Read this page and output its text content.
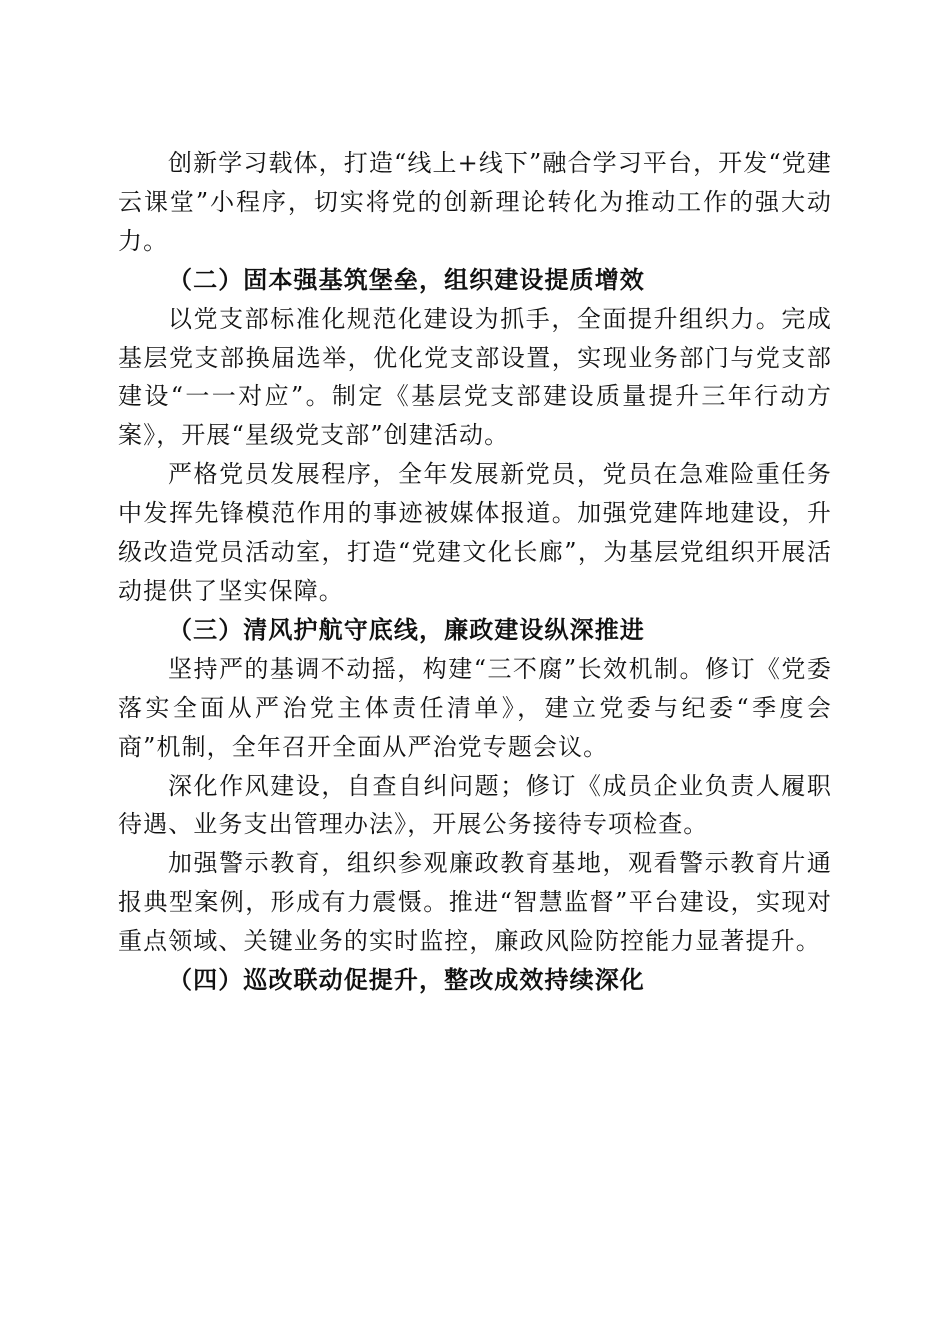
创新学习载体，打造“线上+线下”融合学习平台，开发“党建云课堂”小程序，切实将党的创新理论转化为推动工作的强大动力。

（二）固本强基筑堡垒，组织建设提质增效

以党支部标准化规范化建设为抓手，全面提升组织力。完成基层党支部换届选举，优化党支部设置，实现业务部门与党支部建设“一一对应”。制定《基层党支部建设质量提升三年行动方案》，开展“星级党支部”创建活动。

严格党员发展程序，全年发展新党员，党员在急难险重任务中发挥先锋模范作用的事迹被媒体报道。加强党建阵地建设，升级改造党员活动室，打造“党建文化长廊”，为基层党组织开展活动提供了坚实保障。

（三）清风护航守底线，廉政建设纵深推进

坚持严的基调不动摇，构建“三不腐”长效机制。修订《党委落实全面从严治党主体责任清单》，建立党委与纪委“季度会商”机制，全年召开全面从严治党专题会议。

深化作风建设，自查自纠问题；修订《成员企业负责人履职待遇、业务支出管理办法》，开展公务接待专项检查。

加强警示教育，组织参观廉政教育基地，观看警示教育片通报典型案例，形成有力震慑。推进“智慧监督”平台建设，实现对重点领域、关键业务的实时监控，廉政风险防控能力显著提升。

（四）巡改联动促提升，整改成效持续深化
